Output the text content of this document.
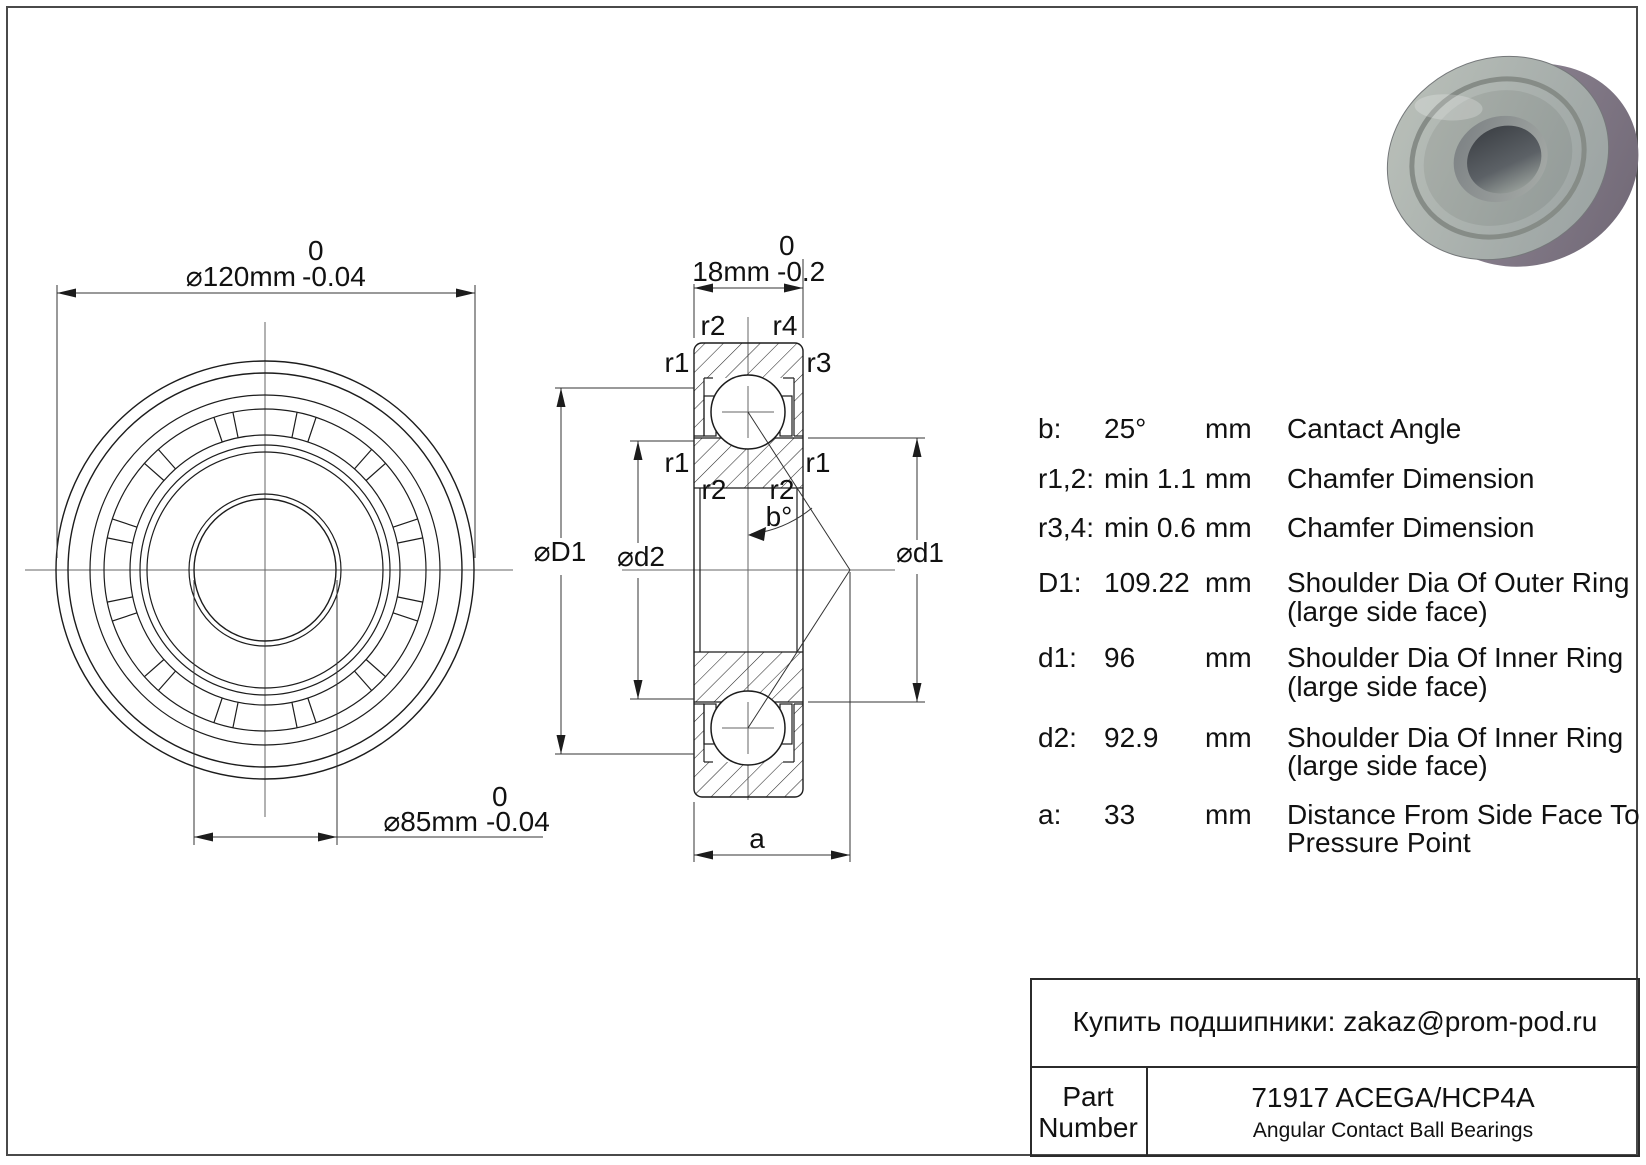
⌀120mm -0.04
0
⌀85mm -0.04
0
b°
18mm -0.2
0
⌀D1 ⌀d2	⌀d1
a
r2 r4
r1	r3
r1	r1
r2 r2
b: 25° mm Cantact Angle
r1,2: min 1.1 mm Chamfer Dimension
r3,4: min 0.6 mm Chamfer Dimension
D1: 109.22 mm Shoulder Dia Of Outer Ring
(large side face)
d1: 96 mm Shoulder Dia Of Inner Ring
(large side face)
d2: 92.9 mm Shoulder Dia Of Inner Ring
(large side face)
a: 33 mm Distance From Side Face To
Pressure Point
Купить подшипники: zakaz@prom-pod.ru
Part
Number
71917 ACEGA/HCP4A
Angular Contact Ball Bearings
